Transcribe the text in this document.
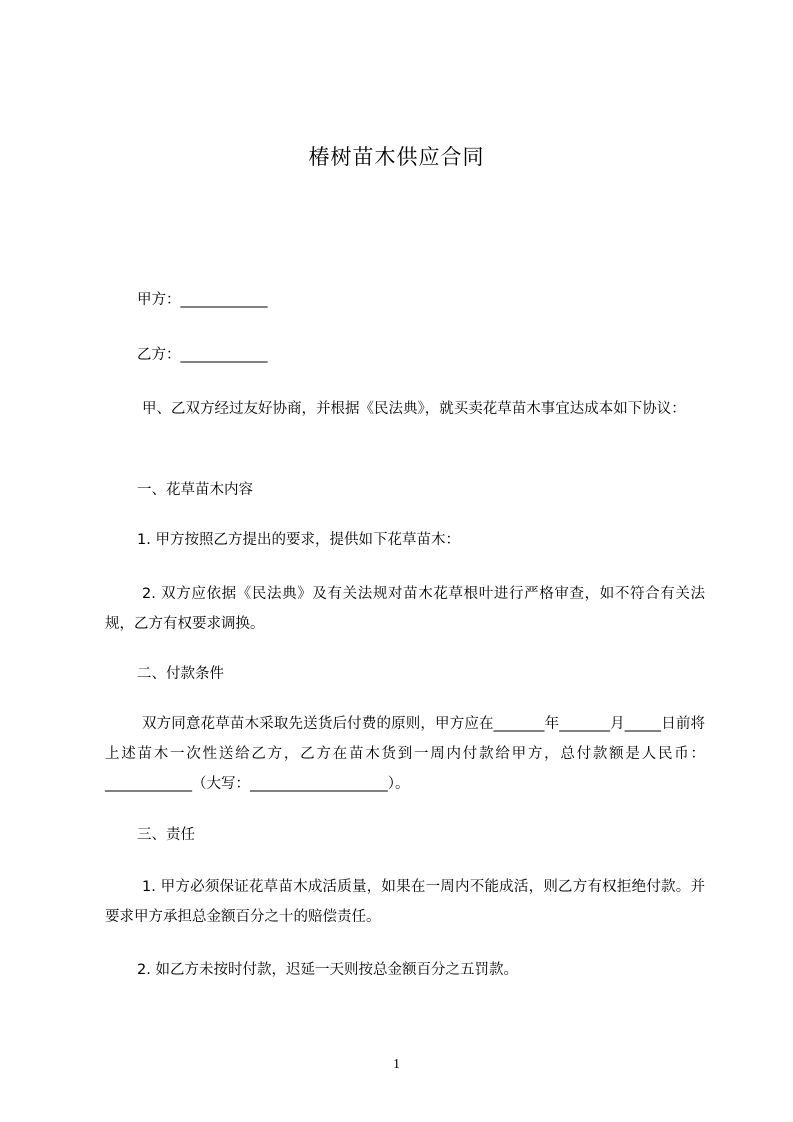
椿树苗木供应合同
甲方：____________
乙方：____________
甲、乙双方经过友好协商，并根据《民法典》，就买卖花草苗木事宜达成本如下协议：
一、花草苗木内容
1. 甲方按照乙方提出的要求，提供如下花草苗木：
2. 双方应依据《民法典》及有关法规对苗木花草根叶进行严格审查，如不符合有关法规，乙方有权要求调换。
二、付款条件
双方同意花草苗木采取先送货后付费的原则，甲方应在_______年_______月_____日前将上述苗木一次性送给乙方，乙方在苗木货到一周内付款给甲方，总付款额是人民币：____________（大写：___________________）。
三、责任
1. 甲方必须保证花草苗木成活质量，如果在一周内不能成活，则乙方有权拒绝付款。并要求甲方承担总金额百分之十的赔偿责任。
2. 如乙方未按时付款，迟延一天则按总金额百分之五罚款。
1
